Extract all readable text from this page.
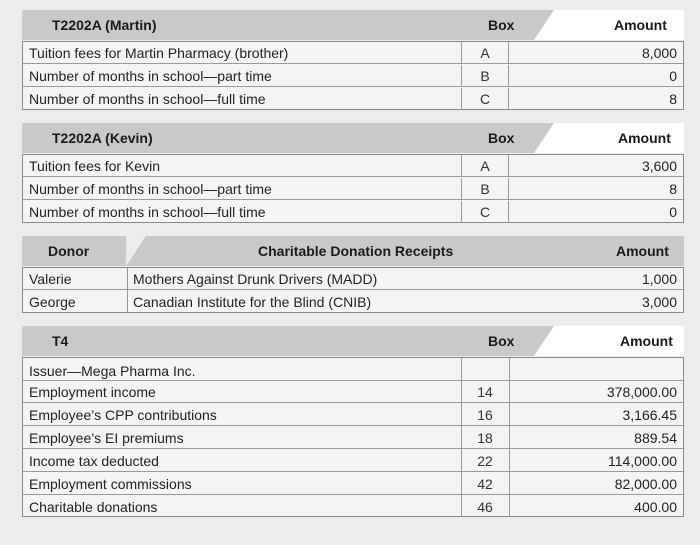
T2202A (Martin)	Box	Amount
Tuition fees for Martin Pharmacy (brother)	A	8,000
Number of months in school—part time	B	0
Number of months in school—full time	C	8
T2202A (Kevin)	Box	Amount
Tuition fees for Kevin	A	3,600
Number of months in school—part time	B	8
Number of months in school—full time	C	0
Donor	Charitable Donation Receipts	Amount
Valerie	Mothers Against Drunk Drivers (MADD)	1,000
George	Canadian Institute for the Blind (CNIB)	3,000
T4	Box	Amount
Issuer—Mega Pharma Inc.
Employment income	14	378,000.00
Employee’s CPP contributions	16	3,166.45
Employee’s EI premiums	18	889.54
Income tax deducted	22	114,000.00
Employment commissions	42	82,000.00
Charitable donations	46	400.00
